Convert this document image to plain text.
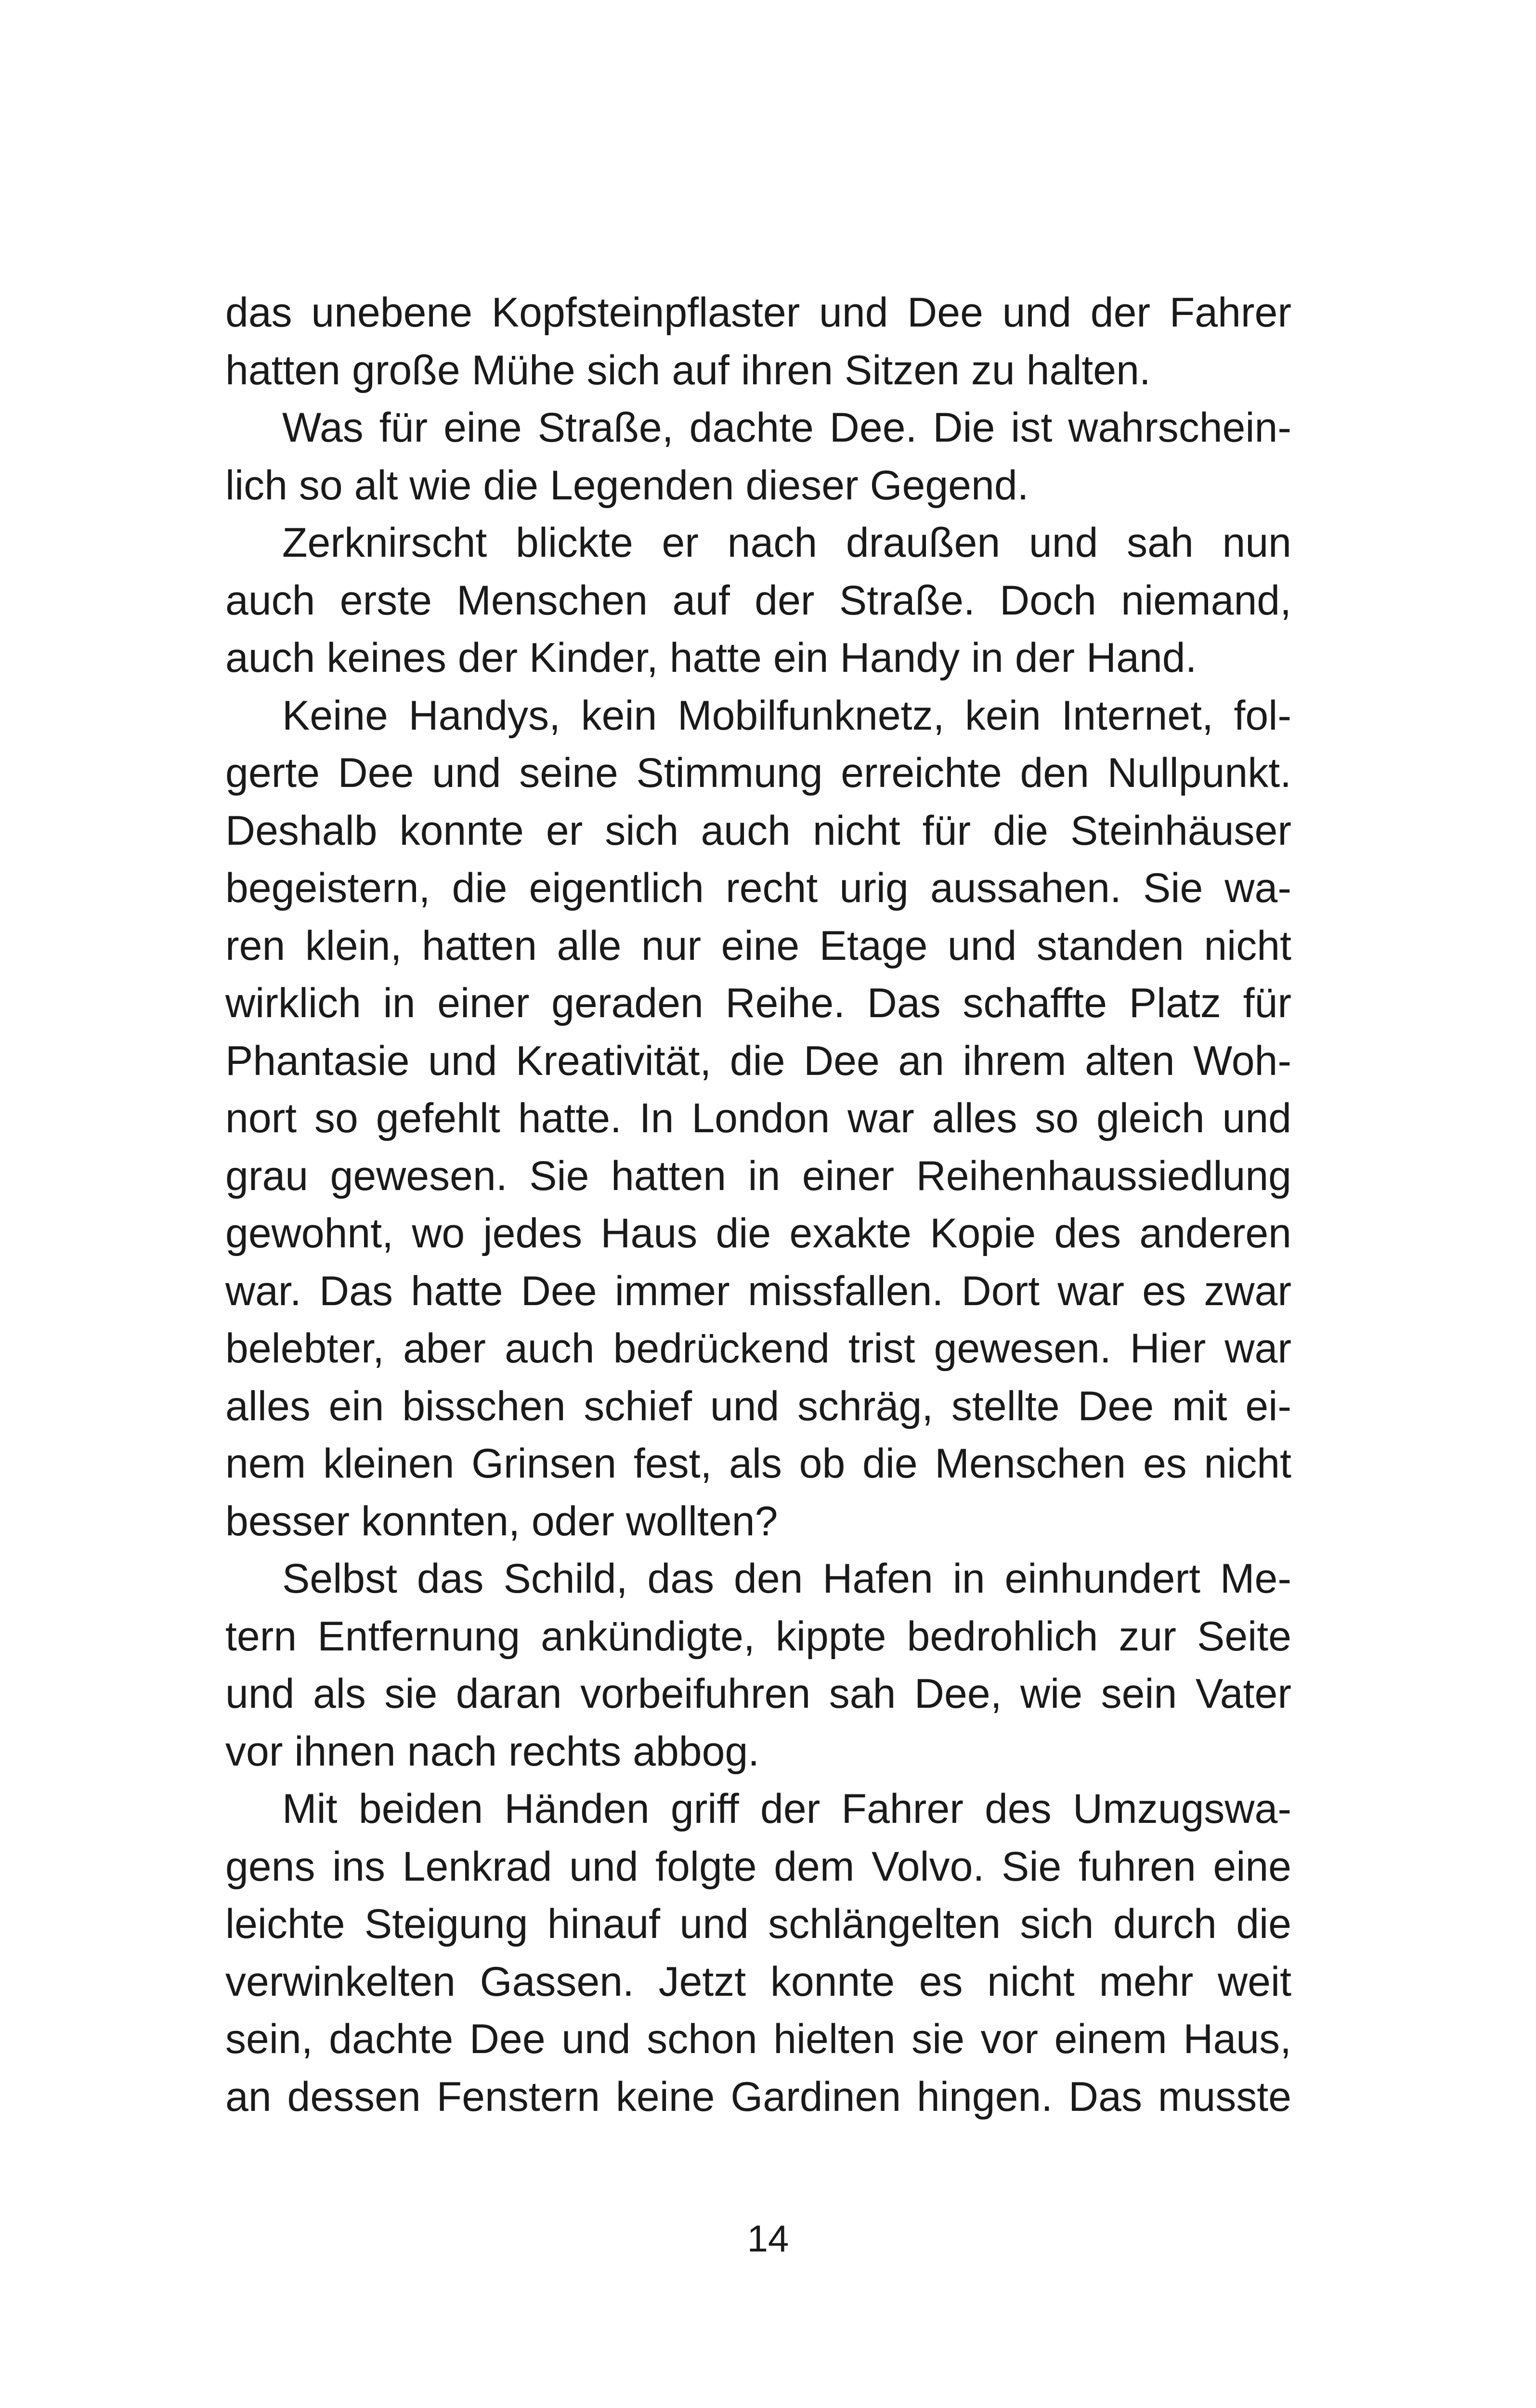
das unebene Kopfsteinpflaster und Dee und der Fahrer
hatten große Mühe sich auf ihren Sitzen zu halten.
Was für eine Straße, dachte Dee. Die ist wahrschein-
lich so alt wie die Legenden dieser Gegend.
Zerknirscht blickte er nach draußen und sah nun
auch erste Menschen auf der Straße. Doch niemand,
auch keines der Kinder, hatte ein Handy in der Hand.
Keine Handys, kein Mobilfunknetz, kein Internet, fol-
gerte Dee und seine Stimmung erreichte den Nullpunkt.
Deshalb konnte er sich auch nicht für die Steinhäuser
begeistern, die eigentlich recht urig aussahen. Sie wa-
ren klein, hatten alle nur eine Etage und standen nicht
wirklich in einer geraden Reihe. Das schaffte Platz für
Phantasie und Kreativität, die Dee an ihrem alten Woh-
nort so gefehlt hatte. In London war alles so gleich und
grau gewesen. Sie hatten in einer Reihenhaussiedlung
gewohnt, wo jedes Haus die exakte Kopie des anderen
war. Das hatte Dee immer missfallen. Dort war es zwar
belebter, aber auch bedrückend trist gewesen. Hier war
alles ein bisschen schief und schräg, stellte Dee mit ei-
nem kleinen Grinsen fest, als ob die Menschen es nicht
besser konnten, oder wollten?
Selbst das Schild, das den Hafen in einhundert Me-
tern Entfernung ankündigte, kippte bedrohlich zur Seite
und als sie daran vorbeifuhren sah Dee, wie sein Vater
vor ihnen nach rechts abbog.
Mit beiden Händen griff der Fahrer des Umzugswa-
gens ins Lenkrad und folgte dem Volvo. Sie fuhren eine
leichte Steigung hinauf und schlängelten sich durch die
verwinkelten Gassen. Jetzt konnte es nicht mehr weit
sein, dachte Dee und schon hielten sie vor einem Haus,
an dessen Fenstern keine Gardinen hingen. Das musste
14
